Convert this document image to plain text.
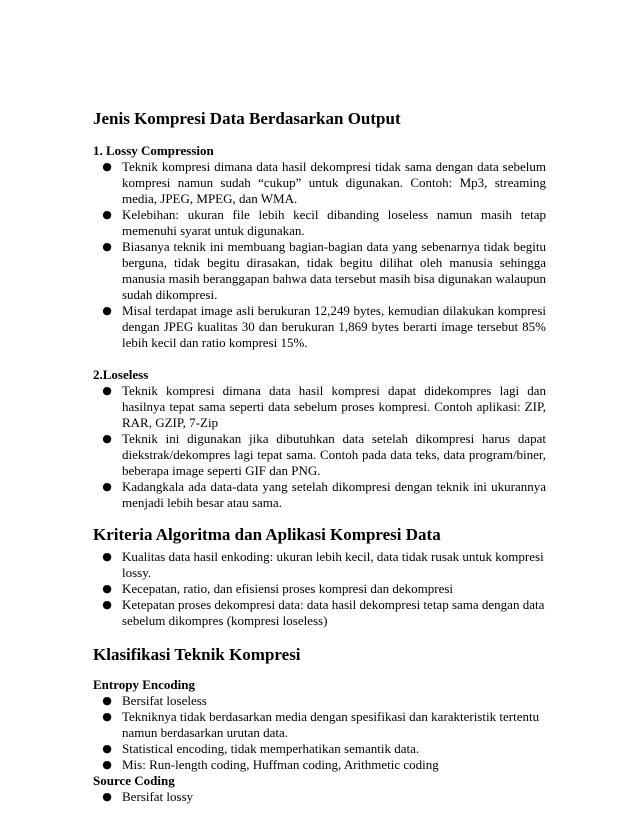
Jenis Kompresi Data Berdasarkan Output

1. Lossy Compression

● Teknik kompresi dimana data hasil dekompresi tidak sama dengan data sebelum kompresi namun sudah “cukup” untuk digunakan. Contoh: Mp3, streaming media, JPEG, MPEG, dan WMA.
● Kelebihan: ukuran file lebih kecil dibanding loseless namun masih tetap memenuhi syarat untuk digunakan.
● Biasanya teknik ini membuang bagian-bagian data yang sebenarnya tidak begitu berguna, tidak begitu dirasakan, tidak begitu dilihat oleh manusia sehingga manusia masih beranggapan bahwa data tersebut masih bisa digunakan walaupun sudah dikompresi.
● Misal terdapat image asli berukuran 12,249 bytes, kemudian dilakukan kompresi dengan JPEG kualitas 30 dan berukuran 1,869 bytes berarti image tersebut 85% lebih kecil dan ratio kompresi 15%.

2.Loseless

● Teknik kompresi dimana data hasil kompresi dapat didekompres lagi dan hasilnya tepat sama seperti data sebelum proses kompresi. Contoh aplikasi: ZIP, RAR, GZIP, 7-Zip
● Teknik ini digunakan jika dibutuhkan data setelah dikompresi harus dapat diekstrak/dekompres lagi tepat sama. Contoh pada data teks, data program/biner, beberapa image seperti GIF dan PNG.
● Kadangkala ada data-data yang setelah dikompresi dengan teknik ini ukurannya menjadi lebih besar atau sama.
Kriteria Algoritma dan Aplikasi Kompresi Data
● Kualitas data hasil enkoding: ukuran lebih kecil, data tidak rusak untuk kompresi lossy.
● Kecepatan, ratio, dan efisiensi proses kompresi dan dekompresi
● Ketepatan proses dekompresi data: data hasil dekompresi tetap sama dengan data sebelum dikompres (kompresi loseless)
Klasifikasi Teknik Kompresi

Entropy Encoding

● Bersifat loseless
● Tekniknya tidak berdasarkan media dengan spesifikasi dan karakteristik tertentu namun berdasarkan urutan data.
● Statistical encoding, tidak memperhatikan semantik data.
● Mis: Run-length coding, Huffman coding, Arithmetic coding

Source Coding

● Bersifat lossy
